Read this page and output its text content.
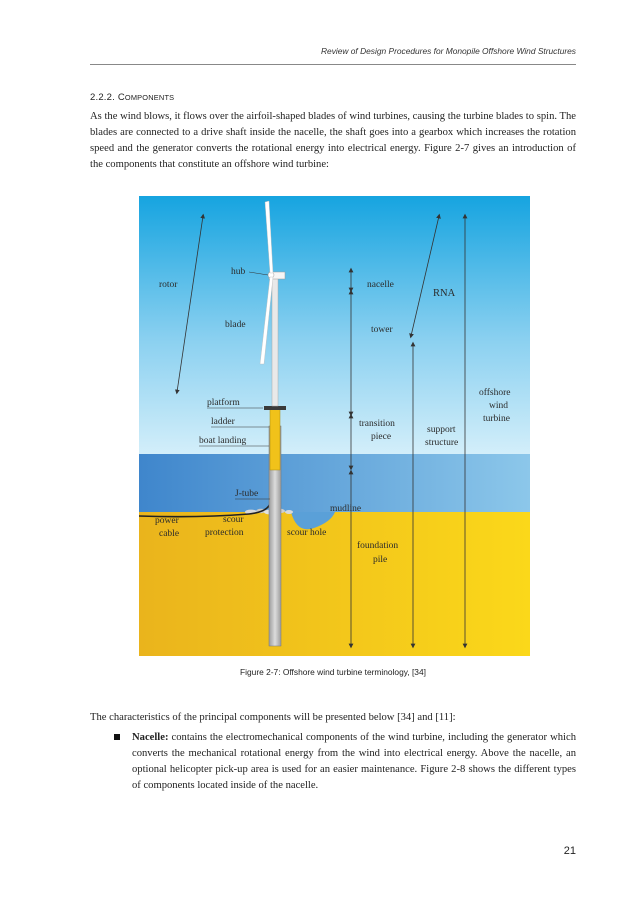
Review of Design Procedures for Monopile Offshore Wind Structures
2.2.2. COMPONENTS

As the wind blows, it flows over the airfoil-shaped blades of wind turbines, causing the turbine blades to spin. The blades are connected to a drive shaft inside the nacelle, the shaft goes into a gearbox which increases the rotation speed and the generator converts the rotational energy into electrical energy. Figure 2-7 gives an introduction of the components that constitute an offshore wind turbine:

rotor
hub
blade
nacelle
RNA
tower
platform
ladder
boat landing
transition
piece
support
structure
offshore
wind
turbine
J-tube
mudline
foundation
pile
power
cable
scour
protection	scour hole
Figure 2-7: Offshore wind turbine terminology, [34]

The characteristics of the principal components will be presented below [34] and [11]:

Nacelle: contains the electromechanical components of the wind turbine, including the generator which converts the mechanical rotational energy from the wind into electrical energy. Above the nacelle, an optional helicopter pick-up area is used for an easier maintenance. Figure 2-8 shows the different types of components located inside of the nacelle.

21
